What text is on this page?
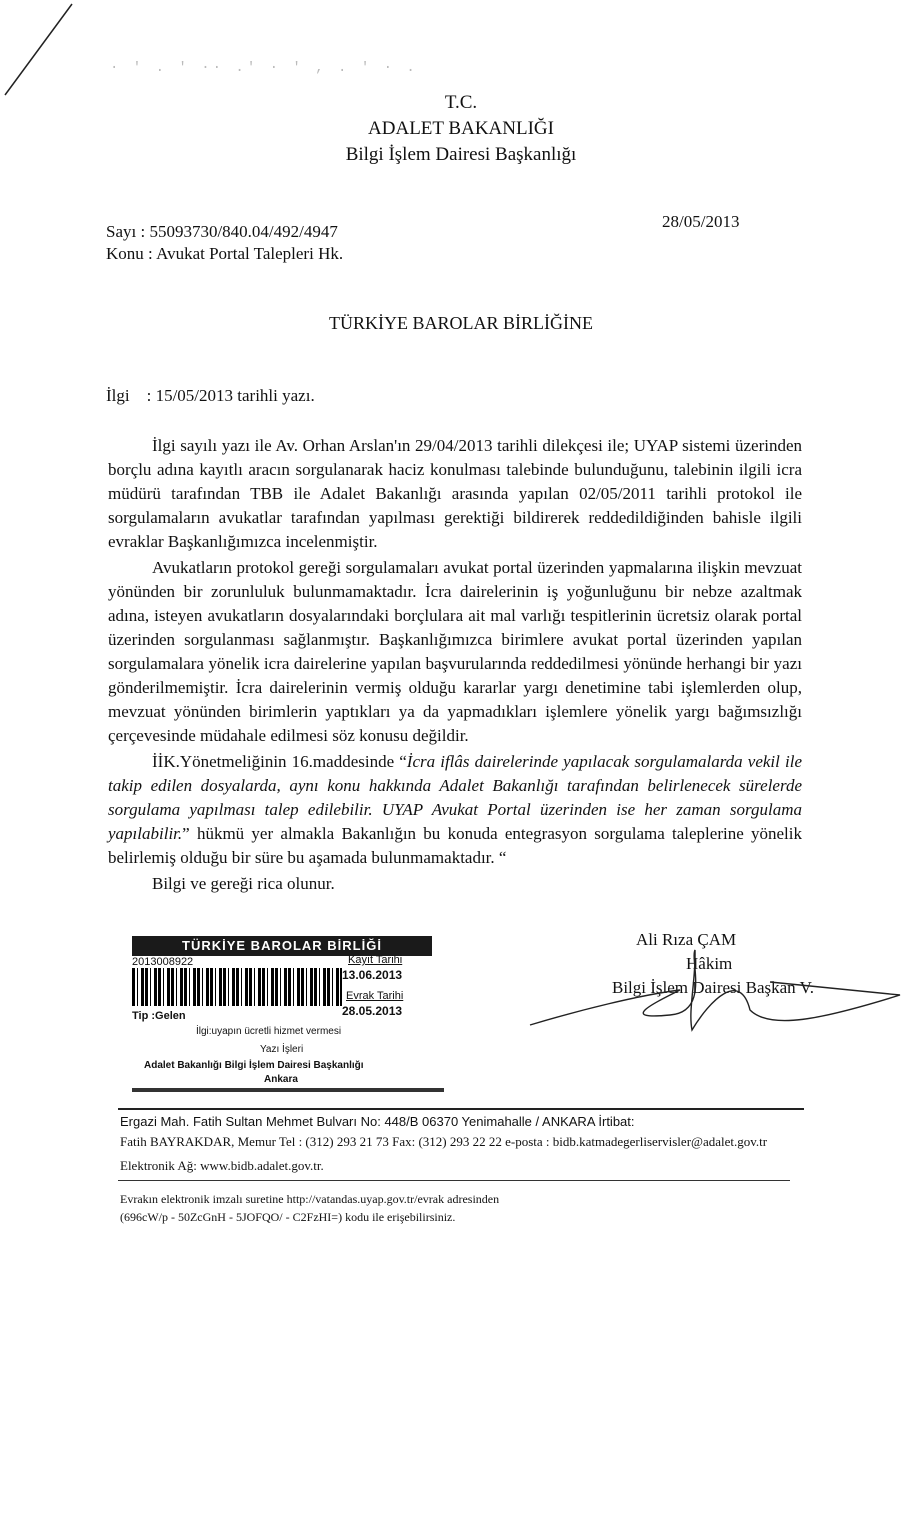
· ' . ' ·· .' · ' , . ' · .
T.C.
ADALET BAKANLIĞI
Bilgi İşlem Dairesi Başkanlığı
Sayı : 55093730/840.04/492/4947
Konu : Avukat Portal Talepleri Hk.
28/05/2013
TÜRKİYE BAROLAR BİRLİĞİNE
İlgi : 15/05/2013 tarihli yazı.

İlgi sayılı yazı ile Av. Orhan Arslan'ın 29/04/2013 tarihli dilekçesi ile; UYAP sistemi üzerinden borçlu adına kayıtlı aracın sorgulanarak haciz konulması talebinde bulunduğunu, talebinin ilgili icra müdürü tarafından TBB ile Adalet Bakanlığı arasında yapılan 02/05/2011 tarihli protokol ile sorgulamaların avukatlar tarafından yapılması gerektiği bildirerek reddedildiğinden bahisle ilgili evraklar Başkanlığımızca incelenmiştir.

Avukatların protokol gereği sorgulamaları avukat portal üzerinden yapmalarına ilişkin mevzuat yönünden bir zorunluluk bulunmamaktadır. İcra dairelerinin iş yoğunluğunu bir nebze azaltmak adına, isteyen avukatların dosyalarındaki borçlulara ait mal varlığı tespitlerinin ücretsiz olarak portal üzerinden sorgulanması sağlanmıştır. Başkanlığımızca birimlere avukat portal üzerinden yapılan sorgulamalara yönelik icra dairelerine yapılan başvurularında reddedilmesi yönünde herhangi bir yazı gönderilmemiştir. İcra dairelerinin vermiş olduğu kararlar yargı denetimine tabi işlemlerden olup, mevzuat yönünden birimlerin yaptıkları ya da yapmadıkları işlemlere yönelik yargı bağımsızlığı çerçevesinde müdahale edilmesi söz konusu değildir.

İİK.Yönetmeliğinin 16.maddesinde “İcra iflâs dairelerinde yapılacak sorgulamalarda vekil ile takip edilen dosyalarda, aynı konu hakkında Adalet Bakanlığı tarafından belirlenecek sürelerde sorgulama yapılması talep edilebilir. UYAP Avukat Portal üzerinden ise her zaman sorgulama yapılabilir.” hükmü yer almakla Bakanlığın bu konuda entegrasyon sorgulama taleplerine yönelik belirlemiş olduğu bir süre bu aşamada bulunmamaktadır. “

Bilgi ve gereği rica olunur.

TÜRKİYE BAROLAR BİRLİĞİ
2013008922	Kayıt Tarihi
13.06.2013
Evrak Tarihi
28.05.2013
Tip :Gelen
İlgi:uyapın ücretli hizmet vermesi
Yazı İşleri
Adalet Bakanlığı Bilgi İşlem Dairesi Başkanlığı
Ankara
Ali Rıza ÇAM
Hâkim
Bilgi İşlem Dairesi Başkan V.
Ergazi Mah. Fatih Sultan Mehmet Bulvarı No: 448/B 06370 Yenimahalle / ANKARA İrtibat:
Fatih BAYRAKDAR, Memur Tel : (312) 293 21 73 Fax: (312) 293 22 22 e-posta : bidb.katmadegerliservisler@adalet.gov.tr
Elektronik Ağ: www.bidb.adalet.gov.tr.
Evrakın elektronik imzalı suretine http://vatandas.uyap.gov.tr/evrak adresinden
(696cW/p - 50ZcGnH - 5JOFQO/ - C2FzHI=) kodu ile erişebilirsiniz.
